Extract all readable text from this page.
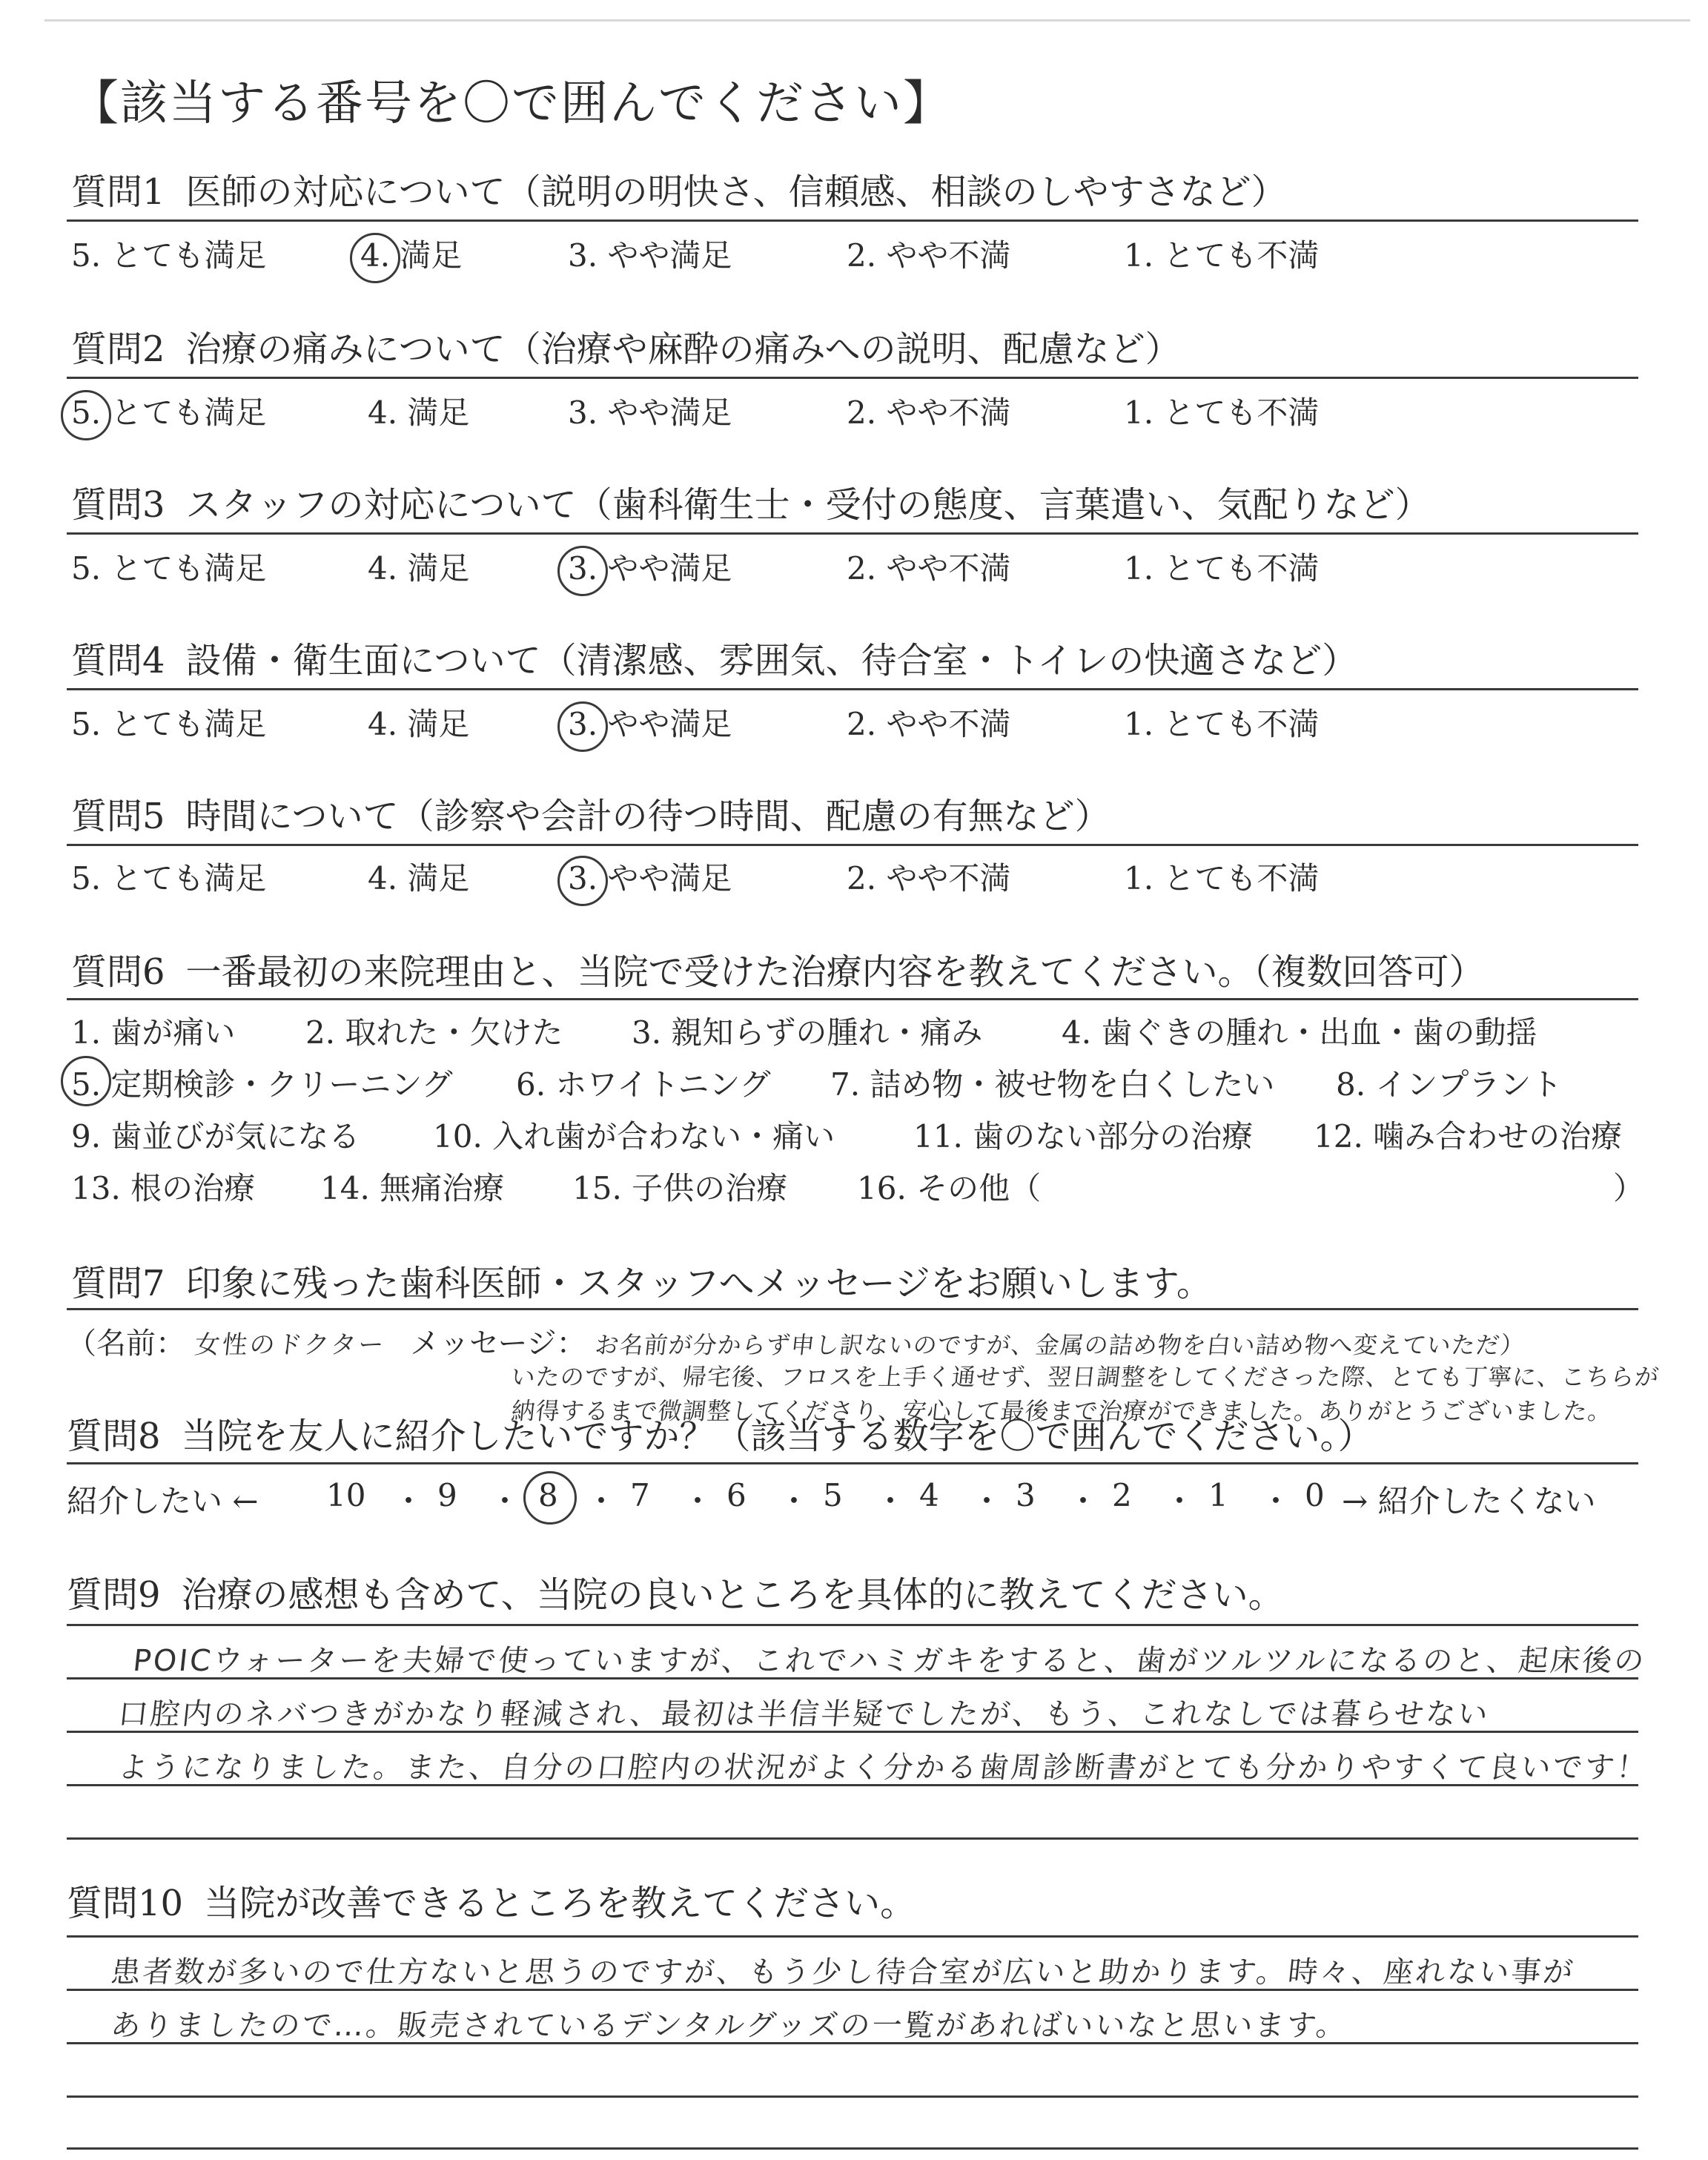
【該当する番号を〇で囲んでください】
質問1 医師の対応について（説明の明快さ、信頼感、相談のしやすさなど）
5. とても満足	4. 満足	3. やや満足	2. やや不満	1. とても不満
質問2 治療の痛みについて（治療や麻酔の痛みへの説明、配慮など）
5. とても満足	4. 満足	3. やや満足	2. やや不満	1. とても不満
質問3 スタッフの対応について（歯科衛生士・受付の態度、言葉遣い、気配りなど）
5. とても満足	4. 満足	3. やや満足	2. やや不満	1. とても不満
質問4 設備・衛生面について（清潔感、雰囲気、待合室・トイレの快適さなど）
5. とても満足	4. 満足	3. やや満足	2. やや不満	1. とても不満
質問5 時間について（診察や会計の待つ時間、配慮の有無など）
5. とても満足	4. 満足	3. やや満足	2. やや不満	1. とても不満
質問6 一番最初の来院理由と、当院で受けた治療内容を教えてください。（複数回答可）
1. 歯が痛い 2. 取れた・欠けた 3. 親知らずの腫れ・痛み	4. 歯ぐきの腫れ・出血・歯の動揺
5. 定期検診・クリーニング 6. ホワイトニング 7. 詰め物・被せ物を白くしたい 8. インプラント
9. 歯並びが気になる 10. 入れ歯が合わない・痛い	11. 歯のない部分の治療 12. 噛み合わせの治療
13. 根の治療 14. 無痛治療 15. 子供の治療 16. その他（	）
質問7 印象に残った歯科医師・スタッフへメッセージをお願いします。
（名前： 女性のドクター メッセージ： お名前が分からず申し訳ないのですが、金属の詰め物を白い詰め物へ変えていただ）
いたのですが、帰宅後、フロスを上手く通せず、翌日調整をしてくださった際、とても丁寧に、こちらが
納得するまで微調整してくださり、安心して最後まで治療ができました。ありがとうございました。
質問8 当院を友人に紹介したいですか？（該当する数字を〇で囲んでください。）
紹介したい ← 10 ・ 9 ・ 8 ・ 7 ・ 6 ・ 5 ・ 4 ・ 3 ・ 2 ・ 1 ・ 0 → 紹介したくない
質問9 治療の感想も含めて、当院の良いところを具体的に教えてください。
POICウォーターを夫婦で使っていますが、これでハミガキをすると、歯がツルツルになるのと、起床後の
口腔内のネバつきがかなり軽減され、最初は半信半疑でしたが、もう、これなしでは暮らせない
ようになりました。また、自分の口腔内の状況がよく分かる歯周診断書がとても分かりやすくて良いです！
質問10 当院が改善できるところを教えてください。
患者数が多いので仕方ないと思うのですが、もう少し待合室が広いと助かります。時々、座れない事が
ありましたので…。販売されているデンタルグッズの一覧があればいいなと思います。
